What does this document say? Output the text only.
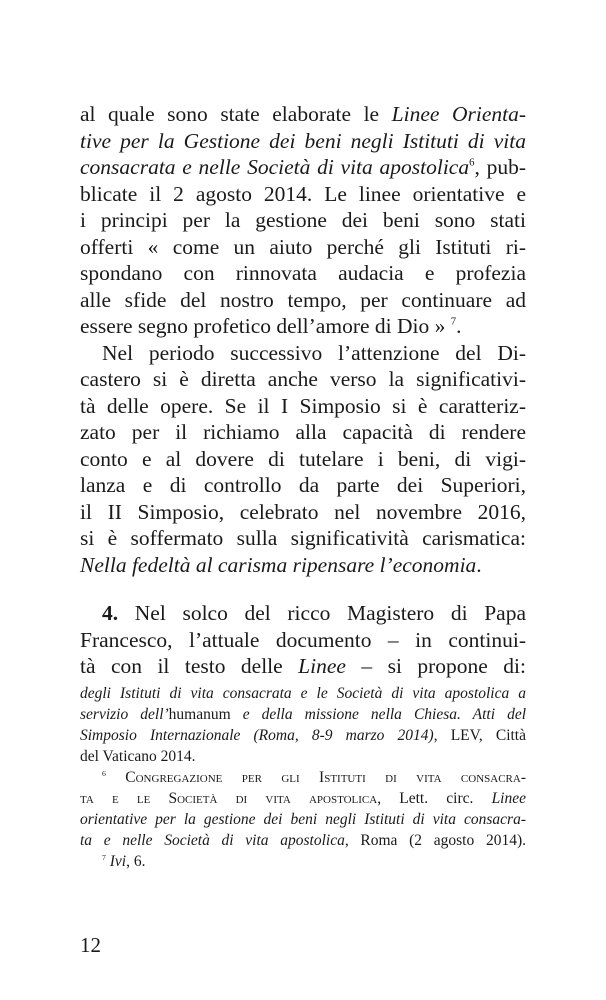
al quale sono state elaborate le Linee Orienta-
tive per la Gestione dei beni negli Istituti di vita
consacrata e nelle Società di vita apostolica$^6$, pub-
blicate il 2 agosto 2014. Le linee orientative e
i principi per la gestione dei beni sono stati
offerti « come un aiuto perché gli Istituti ri-
spondano con rinnovata audacia e profezia
alle sfide del nostro tempo, per continuare ad
essere segno profetico dell’amore di Dio » $^7$.
Nel periodo successivo l’attenzione del Di-
castero si è diretta anche verso la significativi-
tà delle opere. Se il I Simposio si è caratteriz-
zato per il richiamo alla capacità di rendere
conto e al dovere di tutelare i beni, di vigi-
lanza e di controllo da parte dei Superiori,
il II Simposio, celebrato nel novembre 2016,
si è soffermato sulla significatività carismatica:
Nella fedeltà al carisma ripensare l’economia.
4. Nel solco del ricco Magistero di Papa
Francesco, l’attuale documento – in continui-
tà con il testo delle Linee – si propone di:
degli Istituti di vita consacrata e le Società di vita apostolica a
servizio dell’humanum e della missione nella Chiesa. Atti del
Simposio Internazionale (Roma, 8-9 marzo 2014), LEV, Città
del Vaticano 2014.
$^6$ Congregazione per gli Istituti di vita consacra-
ta e le Società di vita apostolica, Lett. circ. Linee
orientative per la gestione dei beni negli Istituti di vita consacra-
ta e nelle Società di vita apostolica, Roma (2 agosto 2014).
$^7$ Ivi, 6.
12
